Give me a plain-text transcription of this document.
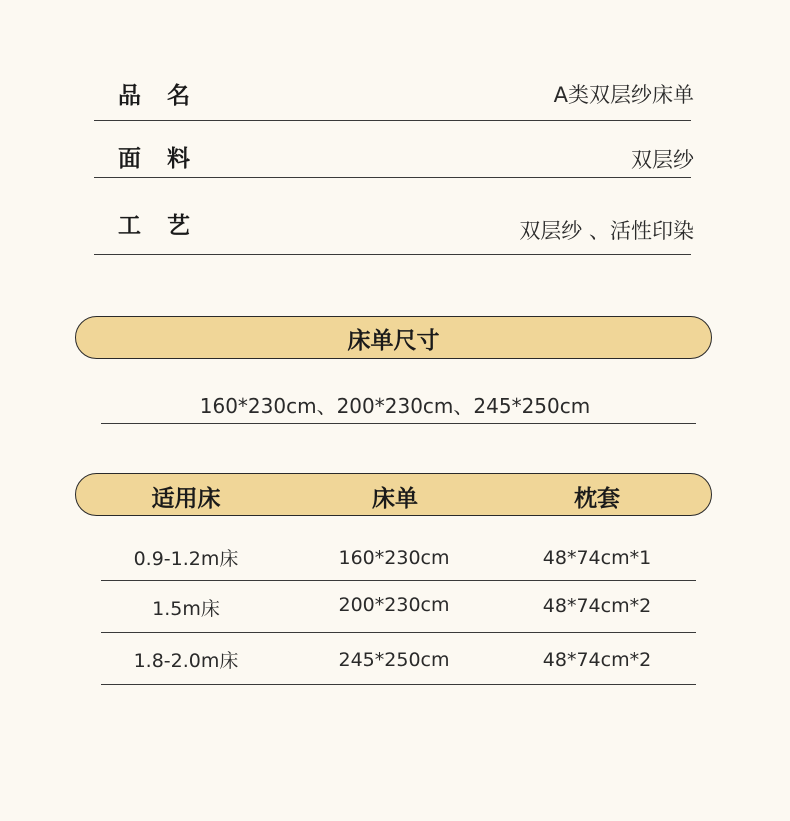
品名	A类双层纱床单
面料	双层纱
工艺	双层纱 、活性印染
床单尺寸
160*230cm、200*230cm、245*250cm
适用床	床单	枕套
0.9-1.2m床	160*230cm	48*74cm*1
1.5m床	200*230cm	48*74cm*2
1.8-2.0m床	245*250cm	48*74cm*2
